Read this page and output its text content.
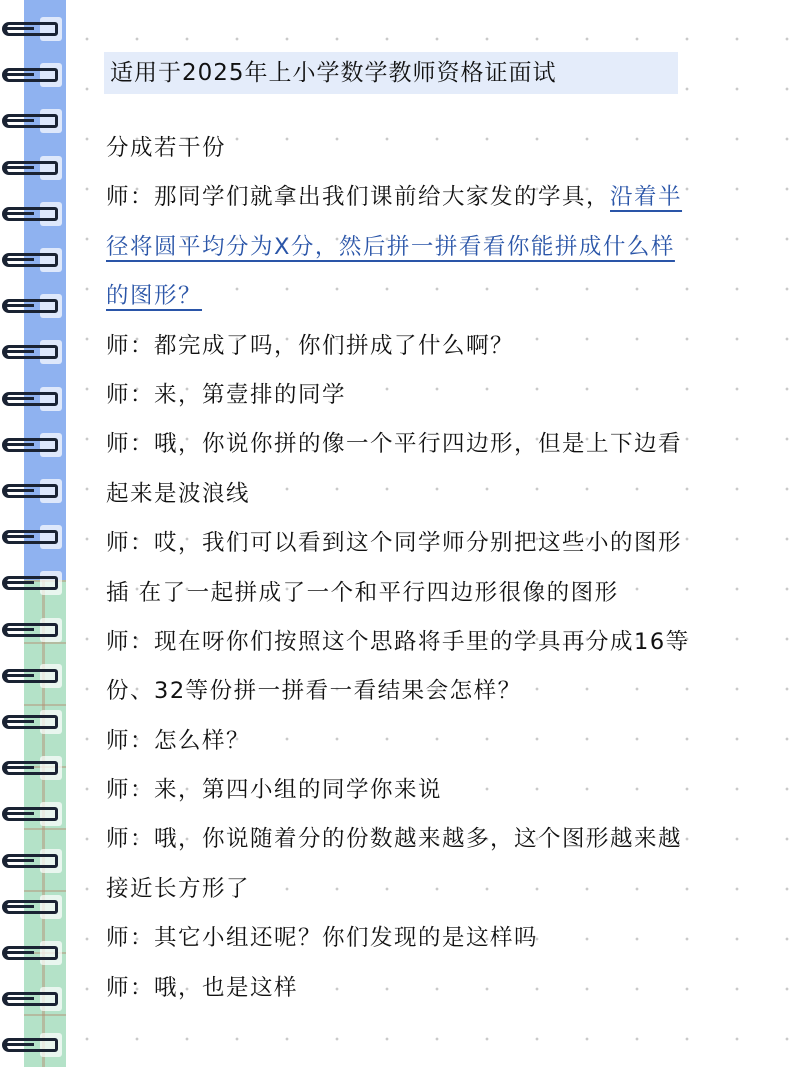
适用于2025年上小学数学教师资格证面试
分成若干份
师：那同学们就拿出我们课前给大家发的学具，沿着半
径将圆平均分为X分，然后拼一拼看看你能拼成什么样
的图形？
师：都完成了吗，你们拼成了什么啊？
师：来，第壹排的同学
师：哦，你说你拼的像一个平行四边形，但是上下边看
起来是波浪线
师：哎，我们可以看到这个同学师分别把这些小的图形
插 在了一起拼成了一个和平行四边形很像的图形
师：现在呀你们按照这个思路将手里的学具再分成16等
份、32等份拼一拼看一看结果会怎样？
师：怎么样？
师：来，第四小组的同学你来说
师：哦，你说随着分的份数越来越多，这个图形越来越
接近长方形了
师：其它小组还呢？你们发现的是这样吗
师：哦，也是这样
